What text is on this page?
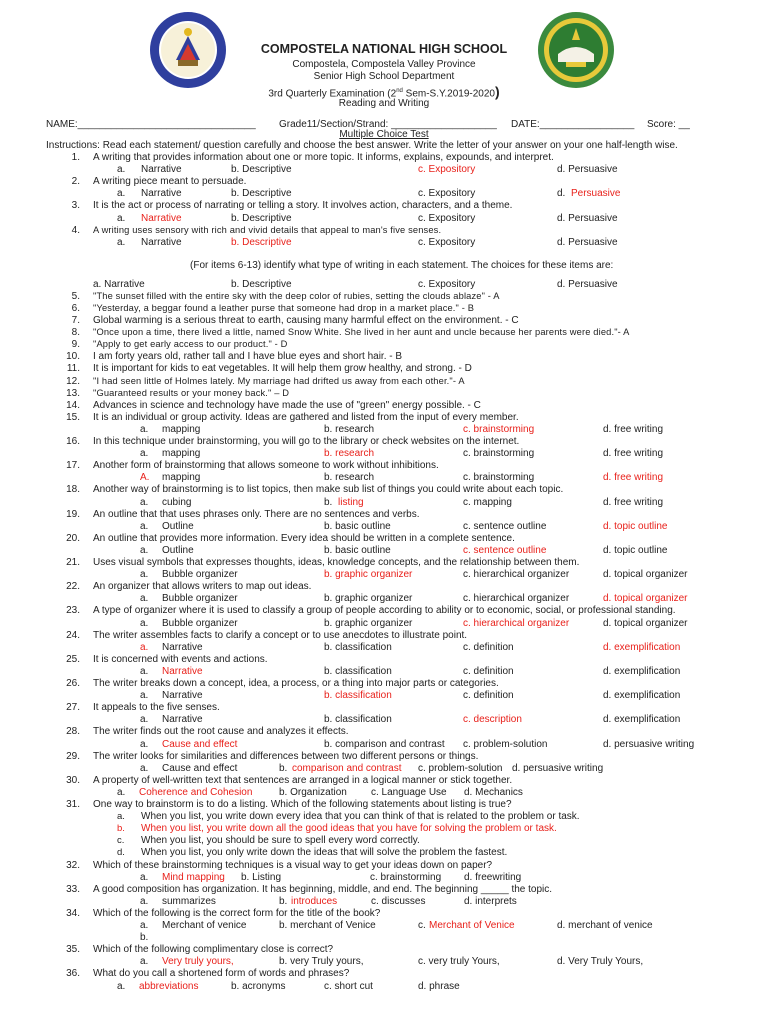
COMPOSTELA NATIONAL HIGH SCHOOL
Compostela, Compostela Valley Province
Senior High School Department
3rd Quarterly Examination (2nd Sem-S.Y.2019-2020)
Reading and Writing
NAME:________________________________ Grade11/Section/Strand: ___________________ DATE:_________________ Score: __
Multiple Choice Test
Instructions: Read each statement/ question carefully and choose the best answer. Write the letter of your answer on your one half-length wise.
1. A writing that provides information about one or more topic. It informs, explains, expounds, and interpret.
a. Narrative	b. Descriptive	c. Expository	d. Persuasive
2. A writing piece meant to persuade.
a. Narrative	b. Descriptive	c. Expository	d. Persuasive
3. It is the act or process of narrating or telling a story. It involves action, characters, and a theme.
a. Narrative	b. Descriptive	c. Expository	d. Persuasive
4. A writing uses sensory with rich and vivid details that appeal to man's five senses.
a. Narrative	b. Descriptive	c. Expository	d. Persuasive
(For items 6-13) identify what type of writing in each statement. The choices for these items are:
a. Narrative	b. Descriptive	c. Expository	d. Persuasive
5. "The sunset filled with the entire sky with the deep color of rubies, setting the clouds ablaze" - A
6. "Yesterday, a beggar found a leather purse that someone had drop in a market place." - B
7. Global warming is a serious threat to earth, causing many harmful effect on the environment. - C
8. "Once upon a time, there lived a little, named Snow White. She lived in her aunt and uncle because her parents were died."- A
9. "Apply to get early access to our product." - D
10. I am forty years old, rather tall and I have blue eyes and short hair. - B
11. It is important for kids to eat vegetables. It will help them grow healthy, and strong. - D
12. "I had seen little of Holmes lately. My marriage had drifted us away from each other."- A
13. "Guaranteed results or your money back." – D
14. Advances in science and technology have made the use of "green" energy possible. - C
15. It is an individual or group activity. Ideas are gathered and listed from the input of every member.
a. mapping	b. research	c. brainstorming	d. free writing
16. In this technique under brainstorming, you will go to the library or check websites on the internet.
a. mapping	b. research	c. brainstorming	d. free writing
17. Another form of brainstorming that allows someone to work without inhibitions.
A. mapping	b. research	c. brainstorming	d. free writing
18. Another way of brainstorming is to list topics, then make sub list of things you could write about each topic.
a. cubing	b. listing	c. mapping	d. free writing
19. An outline that that uses phrases only. There are no sentences and verbs.
a. Outline	b. basic outline	c. sentence outline	d. topic outline
20. An outline that provides more information. Every idea should be written in a complete sentence.
a. Outline	b. basic outline	c. sentence outline	d. topic outline
21. Uses visual symbols that expresses thoughts, ideas, knowledge concepts, and the relationship between them.
a. Bubble organizer	b. graphic organizer	c. hierarchical organizer	d. topical organizer
22. An organizer that allows writers to map out ideas.
a. Bubble organizer	b. graphic organizer	c. hierarchical organizer	d. topical organizer
23. A type of organizer where it is used to classify a group of people according to ability or to economic, social, or professional standing.
a. Bubble organizer	b. graphic organizer	c. hierarchical organizer	d. topical organizer
24. The writer assembles facts to clarify a concept or to use anecdotes to illustrate point.
a. Narrative	b. classification	c. definition	d. exemplification
25. It is concerned with events and actions.
a. Narrative	b. classification	c. definition	d. exemplification
26. The writer breaks down a concept, idea, a process, or a thing into major parts or categories.
a. Narrative	b. classification	c. definition	d. exemplification
27. It appeals to the five senses.
a. Narrative	b. classification	c. description	d. exemplification
28. The writer finds out the root cause and analyzes it effects.
a. Cause and effect	b. comparison and contrast c. problem-solution	d. persuasive writing
29. The writer looks for similarities and differences between two different persons or things.
a. Cause and effect	b. comparison and contrast c. problem-solution d. persuasive writing
30. A property of well-written text that sentences are arranged in a logical manner or stick together.
a. Coherence and Cohesion	b. Organization c. Language Use d. Mechanics
31. One way to brainstorm is to do a listing. Which of the following statements about listing is true?
a.	When you list, you write down every idea that you can think of that is related to the problem or task.
b.	When you list, you write down all the good ideas that you have for solving the problem or task.
c.	When you list, you should be sure to spell every word correctly.
d.	When you list, you only write down the ideas that will solve the problem the fastest.
32. Which of these brainstorming techniques is a visual way to get your ideas down on paper?
a. Mind mapping b. Listing	c. brainstorming d. freewriting
33. A good composition has organization. It has beginning, middle, and end. The beginning _____ the topic.
a. summarizes	b. introduces	c. discusses	d. interprets
34. Which of the following is the correct form for the title of the book?
a. Merchant of venice	b. merchant of Venice	c. Merchant of Venice	d. merchant of venice
b.
35. Which of the following complimentary close is correct?
a. Very truly yours,	b. very Truly yours,	c. very truly Yours,	d. Very Truly Yours,
36. What do you call a shortened form of words and phrases?
a. abbreviations	b. acronyms	c. short cut	d. phrase
